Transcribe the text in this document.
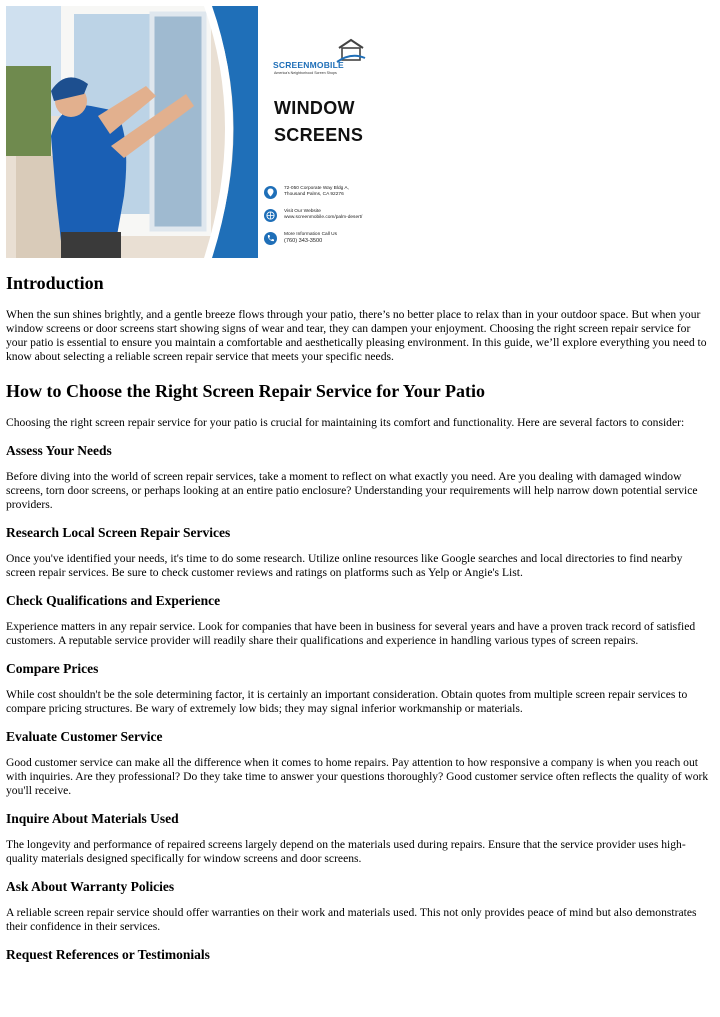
SCREENMOBILE
America's Neighborhood Screen Shops
WINDOW
SCREENS
72-050 Corporate Way Bldg A,
Thousand Palms, CA 92276
Visit Our Website
www.screenmobile.com/palm-desert/
More Information Call Us
(760) 343-3500
Introduction

When the sun shines brightly, and a gentle breeze flows through your patio, there’s no better place to relax than in your outdoor space. But when your window screens or door screens start showing signs of wear and tear, they can dampen your enjoyment. Choosing the right screen repair service for your patio is essential to ensure you maintain a comfortable and aesthetically pleasing environment. In this guide, we’ll explore everything you need to know about selecting a reliable screen repair service that meets your specific needs.

How to Choose the Right Screen Repair Service for Your Patio

Choosing the right screen repair service for your patio is crucial for maintaining its comfort and functionality. Here are several factors to consider:

Assess Your Needs

Before diving into the world of screen repair services, take a moment to reflect on what exactly you need. Are you dealing with damaged window screens, torn door screens, or perhaps looking at an entire patio enclosure? Understanding your requirements will help narrow down potential service providers.

Research Local Screen Repair Services

Once you've identified your needs, it's time to do some research. Utilize online resources like Google searches and local directories to find nearby screen repair services. Be sure to check customer reviews and ratings on platforms such as Yelp or Angie's List.

Check Qualifications and Experience

Experience matters in any repair service. Look for companies that have been in business for several years and have a proven track record of satisfied customers. A reputable service provider will readily share their qualifications and experience in handling various types of screen repairs.

Compare Prices

While cost shouldn't be the sole determining factor, it is certainly an important consideration. Obtain quotes from multiple screen repair services to compare pricing structures. Be wary of extremely low bids; they may signal inferior workmanship or materials.

Evaluate Customer Service

Good customer service can make all the difference when it comes to home repairs. Pay attention to how responsive a company is when you reach out with inquiries. Are they professional? Do they take time to answer your questions thoroughly? Good customer service often reflects the quality of work you'll receive.

Inquire About Materials Used

The longevity and performance of repaired screens largely depend on the materials used during repairs. Ensure that the service provider uses high-quality materials designed specifically for window screens and door screens.

Ask About Warranty Policies

A reliable screen repair service should offer warranties on their work and materials used. This not only provides peace of mind but also demonstrates their confidence in their services.

Request References or Testimonials
